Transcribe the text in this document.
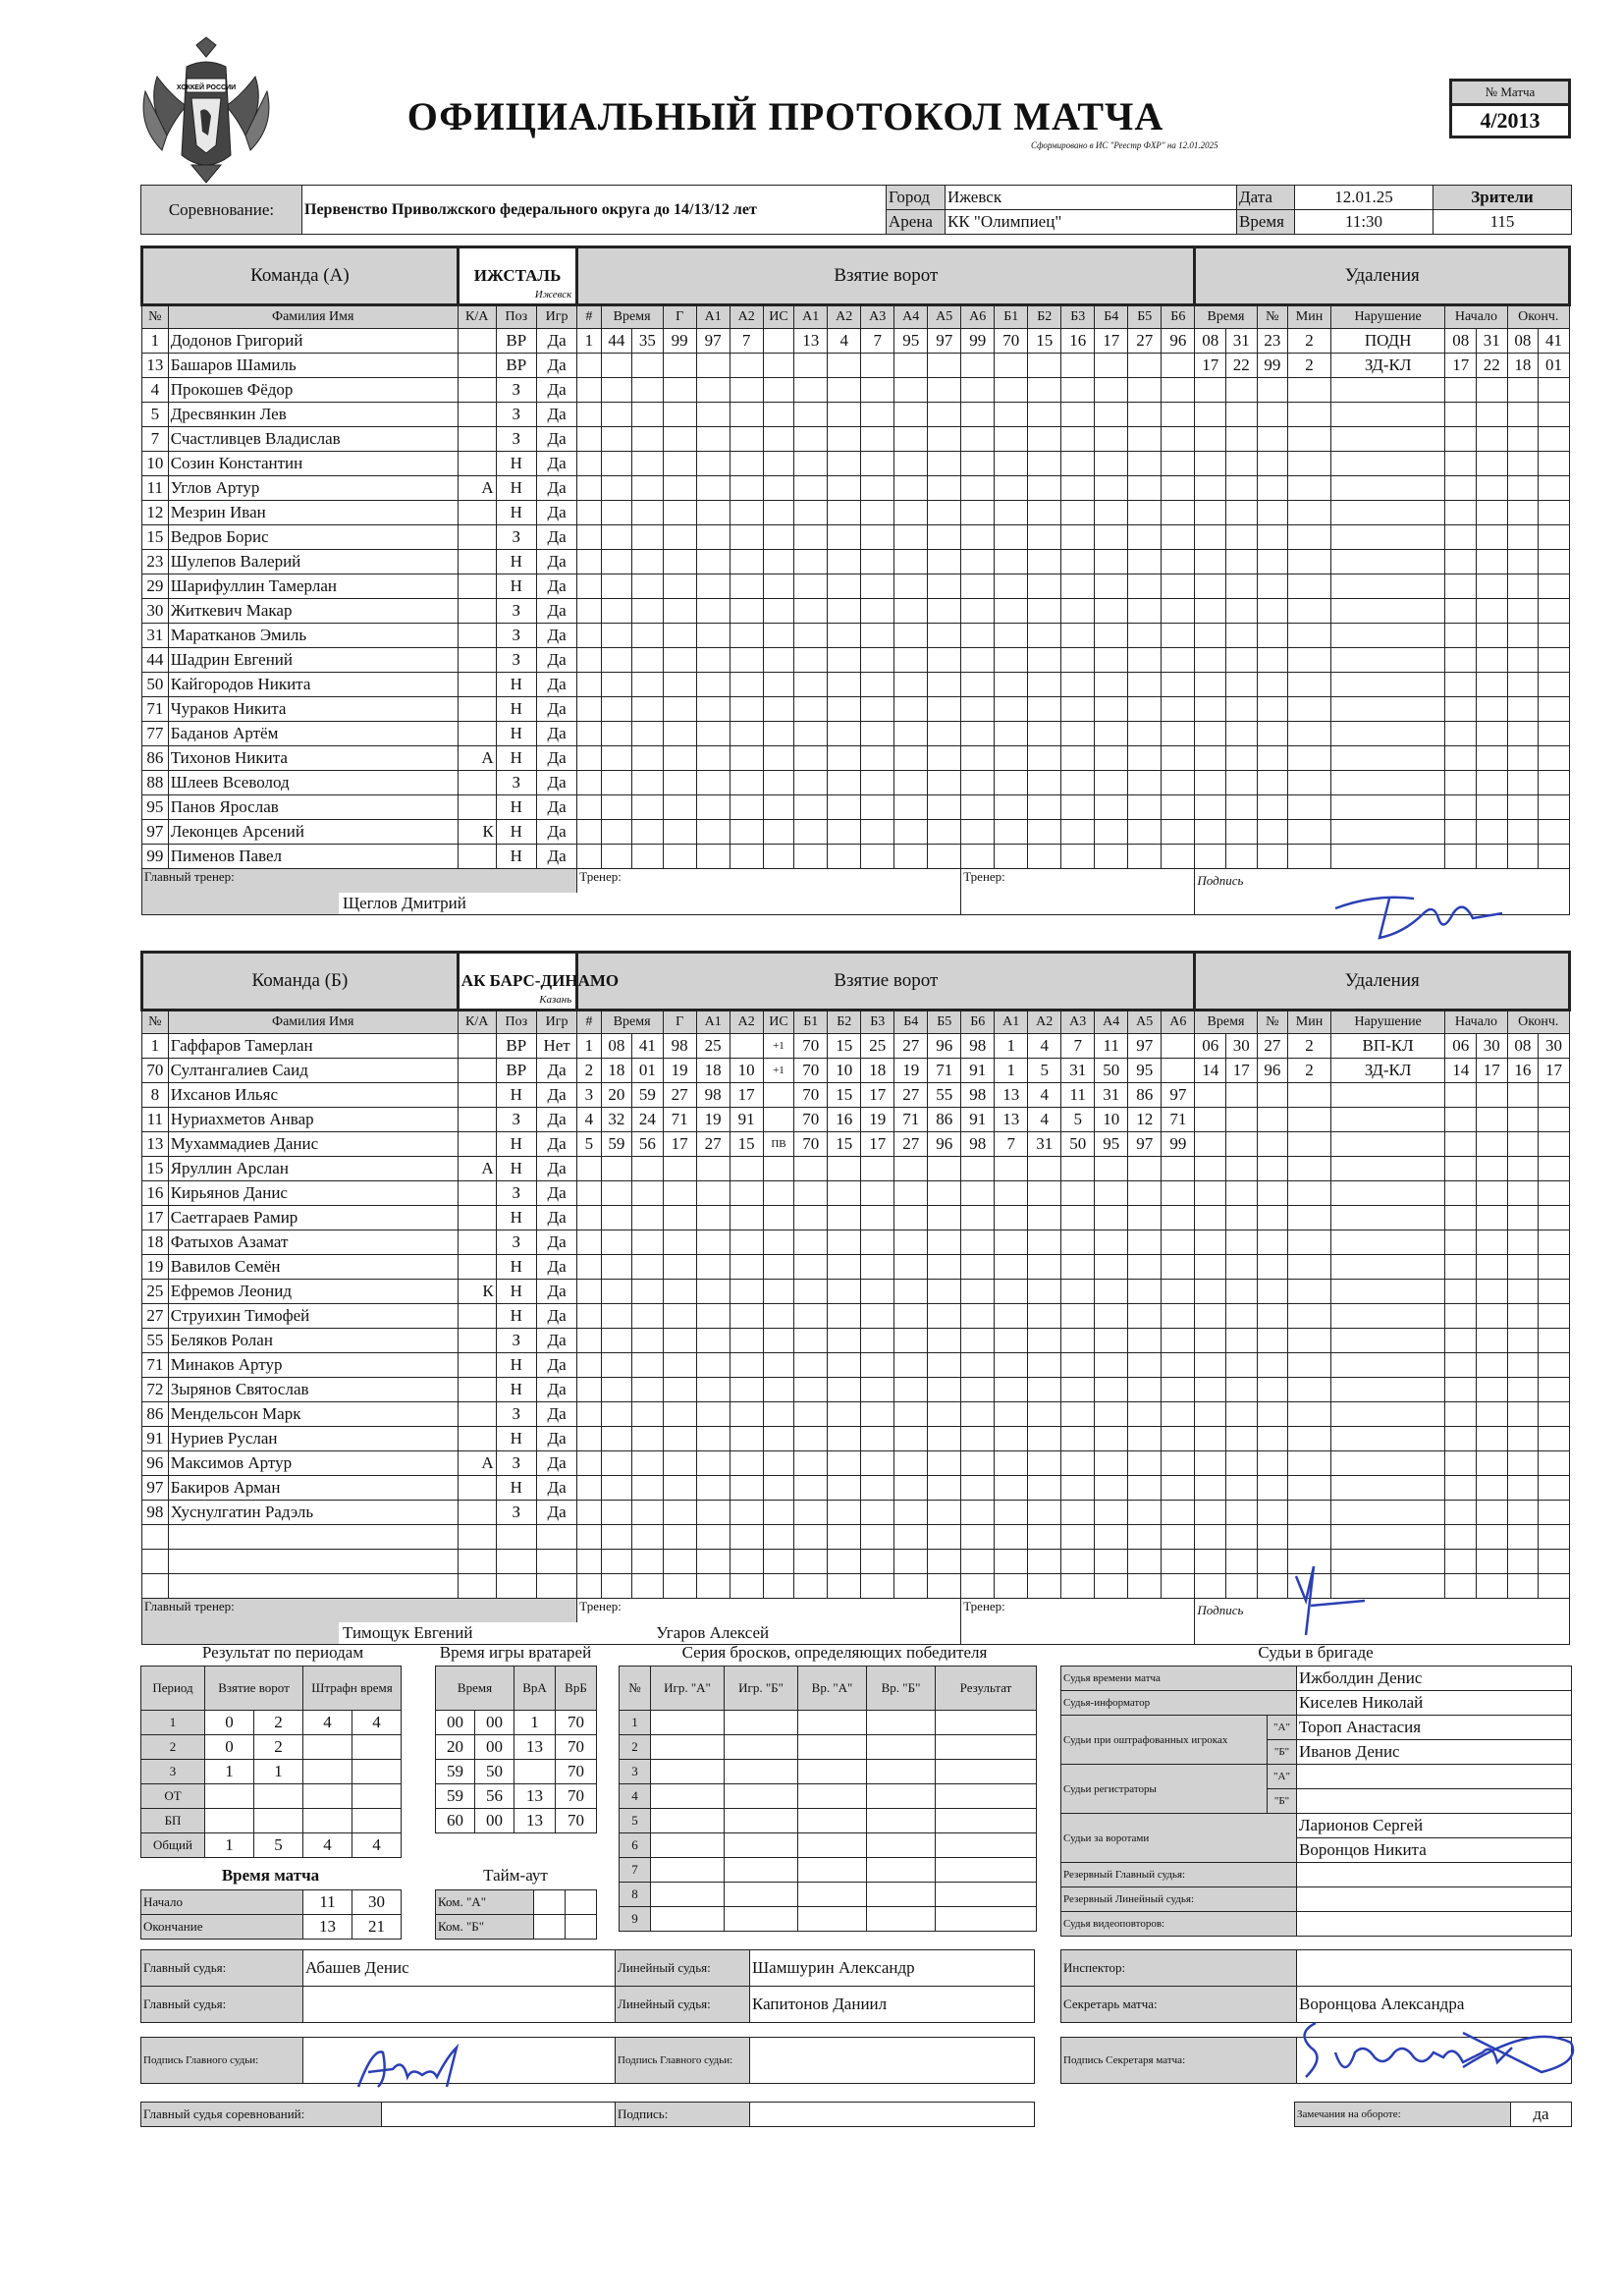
ХОККЕЙ РОССИИ
ОФИЦИАЛЬНЫЙ ПРОТОКОЛ МАТЧА
Сформировано в ИС "Реестр ФХР" на 12.01.2025
№ Матча
4/2013
Соревнование:	Первенство Приволжского федерального округа до 14/13/12 лет	Город	Ижевск	Дата	12.01.25	Зрители
		Арена	КК "Олимпиец"	Время	11:30	115
Команда (А)		ИЖСТАЛЬ
Ижевск			Взятие ворот																			Удаления								
№	Фамилия Имя	К/А	Поз	Игр	#	Время		Г	А1	А2	ИС	А1	А2	А3	А4	А5	А6	Б1	Б2	Б3	Б4	Б5	Б6	Время		№	Мин	Нарушение	Начало		Оконч.	
1	Додонов Григорий		ВР	Да	1	44	35	99	97	7		13	4	7	95	97	99	70	15	16	17	27	96	08	31	23	2	ПОДН	08	31	08	41
13	Башаров Шамиль		ВР	Да																				17	22	99	2	ЗД-КЛ	17	22	18	01
4	Прокошев Фёдор		З	Да																												
5	Дресвянкин Лев		З	Да																												
7	Счастливцев Владислав		З	Да																												
10	Созин Константин		Н	Да																												
11	Углов Артур	А	Н	Да																												
12	Мезрин Иван		Н	Да																												
15	Ведров Борис		З	Да																												
23	Шулепов Валерий		Н	Да																												
29	Шарифуллин Тамерлан		Н	Да																												
30	Житкевич Макар		З	Да																												
31	Маратканов Эмиль		З	Да																												
44	Шадрин Евгений		З	Да																												
50	Кайгородов Никита		Н	Да																												
71	Чураков Никита		Н	Да																												
77	Баданов Артём		Н	Да																												
86	Тихонов Никита	А	Н	Да																												
88	Шлеев Всеволод		З	Да																												
95	Панов Ярослав		Н	Да																												
97	Леконцев Арсений	К	Н	Да																												
99	Пименов Павел		Н	Да																												

Главный тренер:
Щеглов Дмитрий					Тренер:												Тренер:							Подпись								
Команда (Б)		АК БАРС-ДИНАМО
Казань			Взятие ворот																			Удаления								
№	Фамилия Имя	К/А	Поз	Игр	#	Время		Г	А1	А2	ИС	Б1	Б2	Б3	Б4	Б5	Б6	А1	А2	А3	А4	А5	А6	Время		№	Мин	Нарушение	Начало		Оконч.	
1	Гаффаров Тамерлан		ВР	Нет	1	08	41	98	25		+1	70	15	25	27	96	98	1	4	7	11	97		06	30	27	2	ВП-КЛ	06	30	08	30
70	Султангалиев Саид		ВР	Да	2	18	01	19	18	10	+1	70	10	18	19	71	91	1	5	31	50	95		14	17	96	2	ЗД-КЛ	14	17	16	17
8	Ихсанов Ильяс		Н	Да	3	20	59	27	98	17		70	15	17	27	55	98	13	4	11	31	86	97									
11	Нуриахметов Анвар		З	Да	4	32	24	71	19	91		70	16	19	71	86	91	13	4	5	10	12	71									
13	Мухаммадиев Данис		Н	Да	5	59	56	17	27	15	ПВ	70	15	17	27	96	98	7	31	50	95	97	99									
15	Яруллин Арслан	А	Н	Да																												
16	Кирьянов Данис		З	Да																												
17	Саетгараев Рамир		Н	Да																												
18	Фатыхов Азамат		З	Да																												
19	Вавилов Семён		Н	Да																												
25	Ефремов Леонид	К	Н	Да																												
27	Струихин Тимофей		Н	Да																												
55	Беляков Ролан		З	Да																												
71	Минаков Артур		Н	Да																												
72	Зырянов Святослав		Н	Да																												
86	Мендельсон Марк		З	Да																												
91	Нуриев Руслан		Н	Да																												
96	Максимов Артур	А	З	Да																												
97	Бакиров Арман		Н	Да																												
98	Хуснулгатин Радэль		З	Да																												

Главный тренер:
Тимощук Евгений					Тренер:
Угаров Алексей												Тренер:							Подпись								
Результат по периодам
Период	Взятие ворот		Штрафн время	
1	0	2	4	4
2	0	2		
3	1	1		
ОТ				
БП				
Общий	1	5	4	4
Время игры вратарей
Время		ВрА	ВрБ
00	00	1	70
20	00	13	70
59	50		70
59	56	13	70
60	00	13	70
Время матча
Начало	11	30
Окончание	13	21
Тайм-аут
Ком. "А"		
Ком. "Б"		
Серия бросков, определяющих победителя
№	Игр. "А"	Игр. "Б"	Вр. "А"	Вр. "Б"	Результат
1					
2					
3					
4					
5					
6					
7					
8					
9					
Судьи в бригаде
Судья времени матча		Ижболдин Денис
Судья-информатор		Киселев Николай
Судьи при оштрафованных игроках	"А"	Тороп Анастасия
	"Б"	Иванов Денис
Судьи регистраторы	"А"	
	"Б"	
Судьи за воротами		Ларионов Сергей
		Воронцов Никита
Резервный Главный судья:		
Резервный Линейный судья:		
Судья видеоповторов:		
Главный судья:	Абашев Денис	Линейный судья:	Шамшурин Александр
Главный судья:		Линейный судья:	Капитонов Даниил
Инспектор:	
Секретарь матча:	Воронцова Александра
Подпись Главного судьи:		Подпись Главного судьи:		Подпись Секретаря матча:	
Главный судья соревнований:		Подпись:		Замечания на обороте:	да
